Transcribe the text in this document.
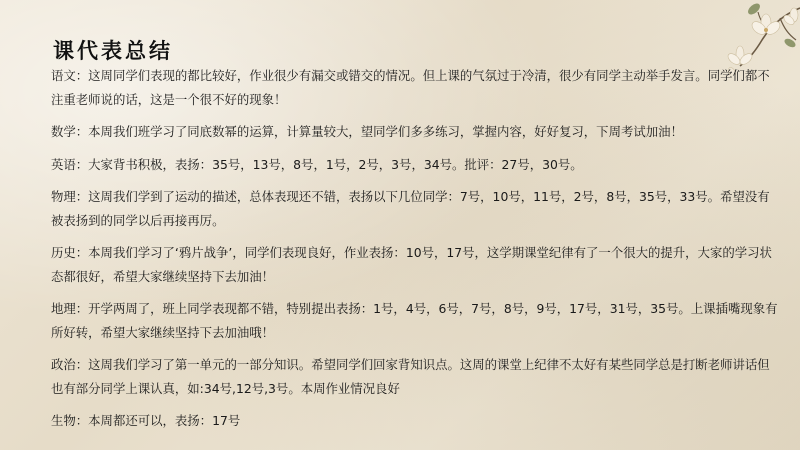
课代表总结

语文：这周同学们表现的都比较好，作业很少有漏交或错交的情况。但上课的气氛过于冷清，很少有同学主动举手发言。同学们都不注重老师说的话，这是一个很不好的现象！

数学：本周我们班学习了同底数幂的运算，计算量较大，望同学们多多练习，掌握内容，好好复习，下周考试加油！

英语：大家背书积极，表扬：35号，13号，8号，1号，2号，3号，34号。批评：27号，30号。

物理：这周我们学到了运动的描述，总体表现还不错，表扬以下几位同学：7号，10号，11号，2号，8号，35号，33号。希望没有被表扬到的同学以后再接再厉。

历史：本周我们学习了‘鸦片战争’，同学们表现良好，作业表扬：10号，17号，这学期课堂纪律有了一个很大的提升，大家的学习状态都很好，希望大家继续坚持下去加油！

地理：开学两周了，班上同学表现都不错，特别提出表扬：1号，4号，6号，7号，8号，9号，17号，31号，35号。上课插嘴现象有所好转，希望大家继续坚持下去加油哦！

政治：这周我们学习了第一单元的一部分知识。希望同学们回家背知识点。这周的课堂上纪律不太好有某些同学总是打断老师讲话但也有部分同学上课认真，如:34号,12号,3号。本周作业情况良好

生物：本周都还可以，表扬：17号
